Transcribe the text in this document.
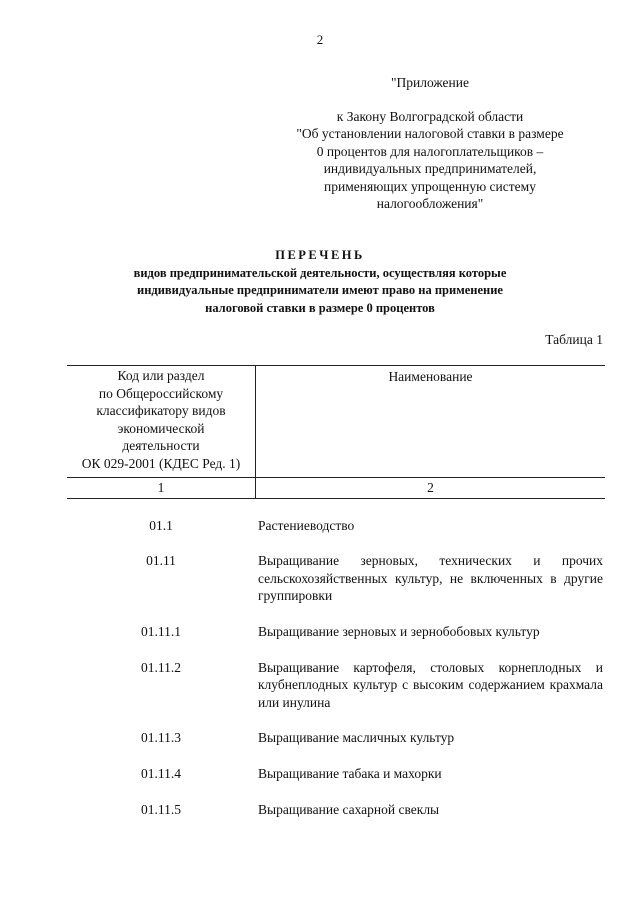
2
"Приложение
к Закону Волгоградской области
"Об установлении налоговой ставки в размере
0 процентов для налогоплательщиков –
индивидуальных предпринимателей,
применяющих упрощенную систему
налогообложения"
ПЕРЕЧЕНЬ
видов предпринимательской деятельности, осуществляя которые
индивидуальные предприниматели имеют право на применение
налоговой ставки в размере 0 процентов
Таблица 1
Код или раздел
по Общероссийскому
классификатору видов
экономической
деятельности
ОК 029-2001 (КДЕС Ред. 1)
Наименование
1	2
01.1	Растениеводство
01.11	Выращивание зерновых, технических и прочих сельскохозяйственных культур, не включенных в другие группировки
01.11.1	Выращивание зерновых и зернобобовых культур
01.11.2	Выращивание картофеля, столовых корнеплодных и клубнеплодных культур с высоким содержанием крахмала или инулина
01.11.3	Выращивание масличных культур
01.11.4	Выращивание табака и махорки
01.11.5	Выращивание сахарной свеклы
